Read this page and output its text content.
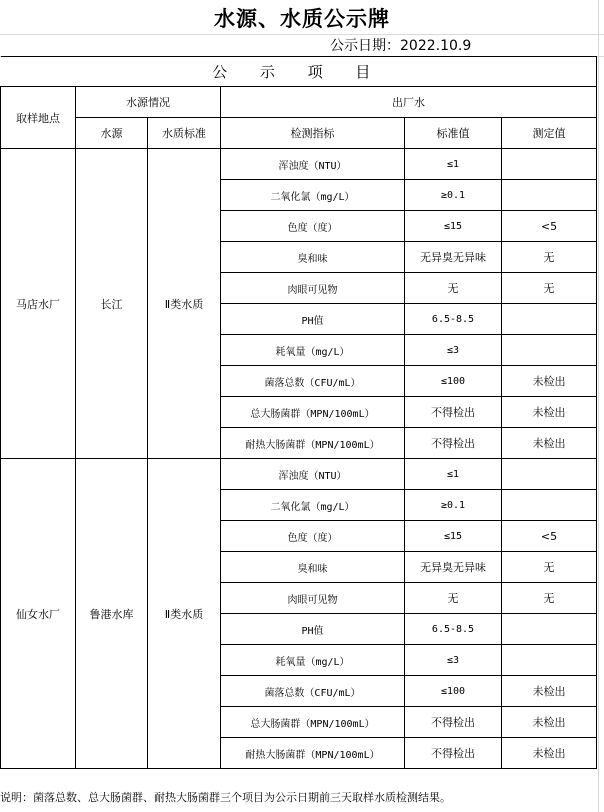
水源、水质公示牌
公示日期：2022.10.9
公 示 项 目					
取样地点	水源情况		出厂水		
	水源	水质标准	检测指标	标准值	测定值
马店水厂	长江	Ⅱ类水质	浑浊度（NTU）	≤1	
			二氧化氯（mg/L）	≥0.1	
			色度（度）	≤15	<5
			臭和味	无异臭无异味	无
			肉眼可见物	无	无
			PH值	6.5-8.5	
			耗氧量（mg/L）	≤3	
			菌落总数（CFU/mL）	≤100	未检出
			总大肠菌群（MPN/100mL）	不得检出	未检出
			耐热大肠菌群（MPN/100mL）	不得检出	未检出
仙女水厂	鲁港水库	Ⅱ类水质	浑浊度（NTU）	≤1	
			二氧化氯（mg/L）	≥0.1	
			色度（度）	≤15	<5
			臭和味	无异臭无异味	无
			肉眼可见物	无	无
			PH值	6.5-8.5	
			耗氧量（mg/L）	≤3	
			菌落总数（CFU/mL）	≤100	未检出
			总大肠菌群（MPN/100mL）	不得检出	未检出
			耐热大肠菌群（MPN/100mL）	不得检出	未检出
说明：菌落总数、总大肠菌群、耐热大肠菌群三个项目为公示日期前三天取样水质检测结果。
